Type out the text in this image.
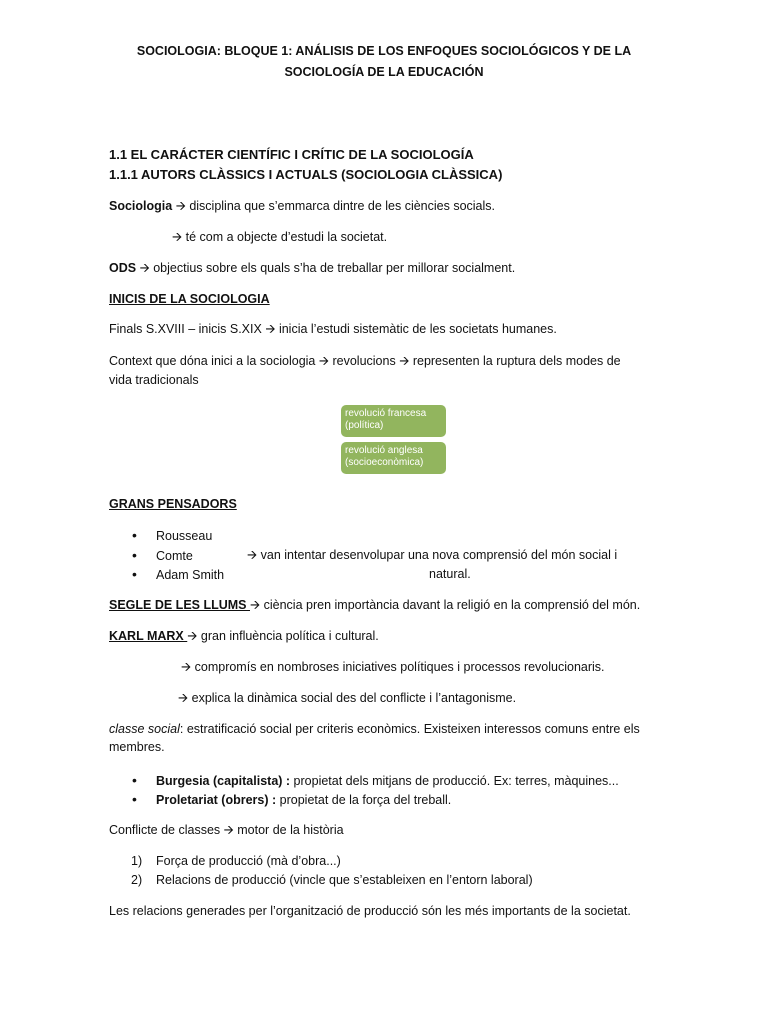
SOCIOLOGIA: BLOQUE 1: ANÁLISIS DE LOS ENFOQUES SOCIOLÓGICOS Y DE LA
SOCIOLOGÍA DE LA EDUCACIÓN
1.1 EL CARÁCTER CIENTÍFIC I CRÍTIC DE LA SOCIOLOGÍA
1.1.1 AUTORS CLÀSSICS I ACTUALS (SOCIOLOGIA CLÀSSICA)
Sociologia 🡪 disciplina que s’emmarca dintre de les ciències socials.
🡪 té com a objecte d’estudi la societat.
ODS 🡪 objectius sobre els quals s’ha de treballar per millorar socialment.
INICIS DE LA SOCIOLOGIA
Finals S.XVIII – inicis S.XIX 🡪 inicia l’estudi sistemàtic de les societats humanes.
Context que dóna inici a la sociologia 🡪 revolucions 🡪 representen la ruptura dels modes de
vida tradicionals
revolució francesa (política)
revolució anglesa (socioeconòmica)
GRANS PENSADORS
•Rousseau
•Comte
•Adam Smith
🡪 van intentar desenvolupar una nova comprensió del món social i
natural.
SEGLE DE LES LLUMS 🡪 ciència pren importància davant la religió en la comprensió del món.
KARL MARX 🡪 gran influència política i cultural.
🡪 compromís en nombroses iniciatives polítiques i processos revolucionaris.
🡪 explica la dinàmica social des del conflicte i l’antagonisme.
classe social: estratificació social per criteris econòmics. Existeixen interessos comuns entre els
membres.
•Burgesia (capitalista) : propietat dels mitjans de producció. Ex: terres, màquines...
•Proletariat (obrers) : propietat de la força del treball.
Conflicte de classes 🡪 motor de la història
1) Força de producció (mà d’obra...)
2) Relacions de producció (vincle que s’estableixen en l’entorn laboral)
Les relacions generades per l’organització de producció són les més importants de la societat.
